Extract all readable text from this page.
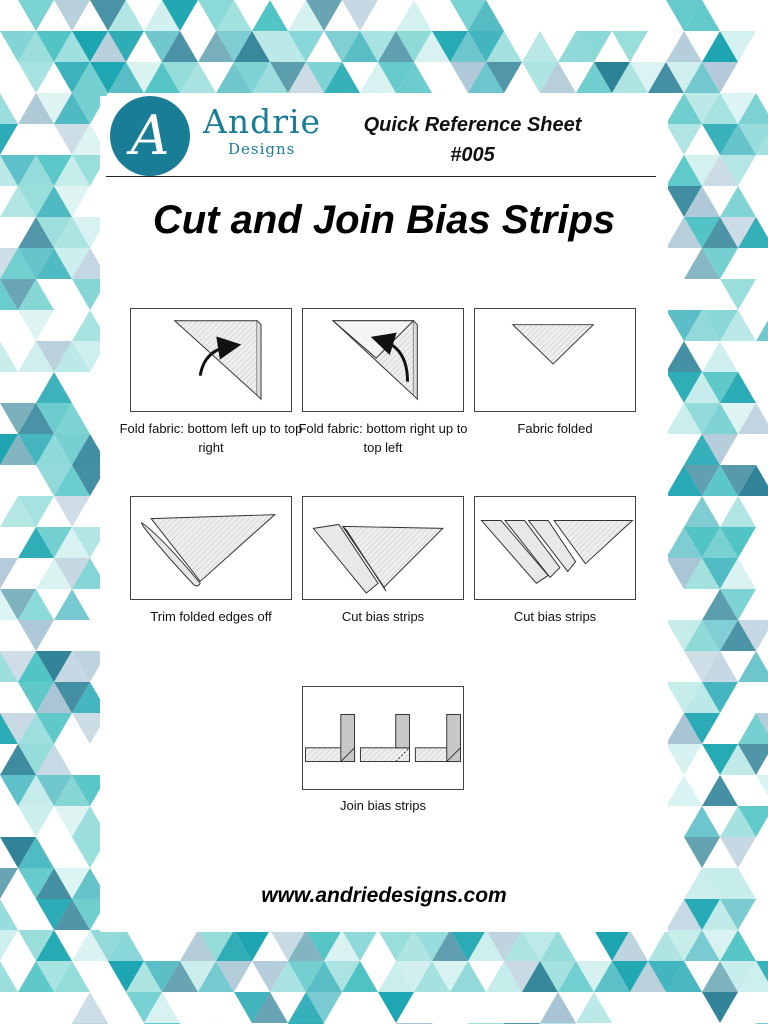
A Andrie
Designs
Quick Reference Sheet
#005
Cut and Join Bias Strips
Fold fabric: bottom left up to top right
Fold fabric: bottom right up to top left
Fabric folded
Trim folded edges off	Cut bias strips	Cut bias strips
Join bias strips
www.andriedesigns.com
